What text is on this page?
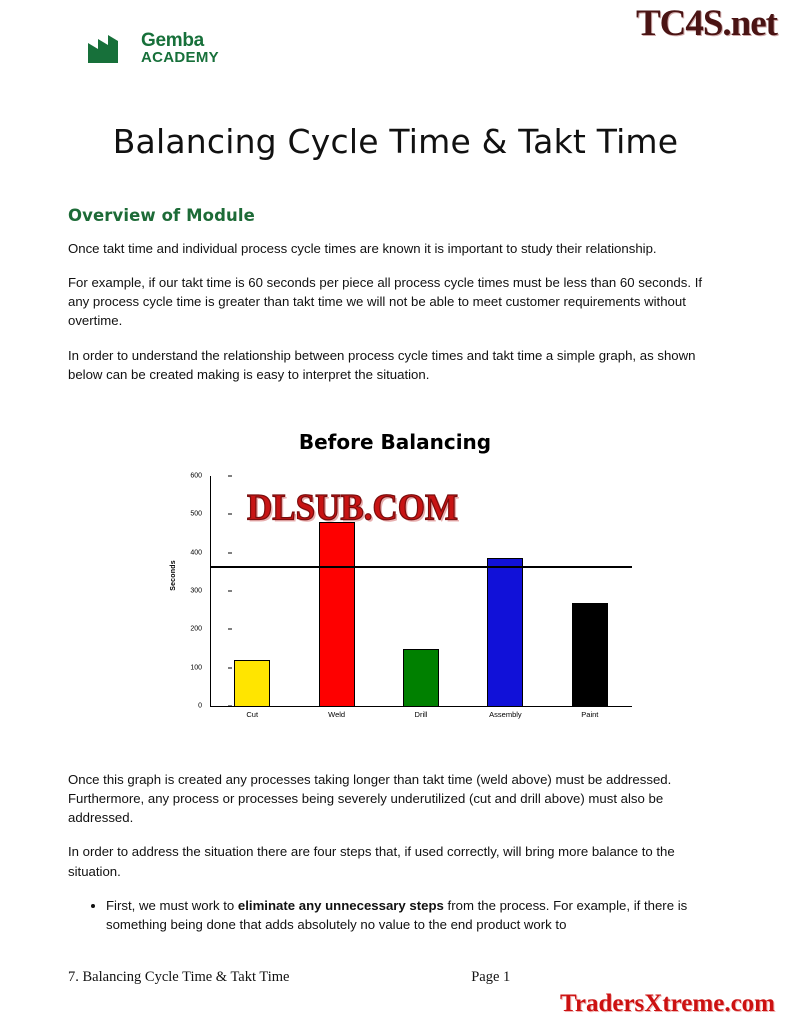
TC4S.net
Gemba
ACADEMY
Balancing Cycle Time & Takt Time
Overview of Module

Once takt time and individual process cycle times are known it is important to study their relationship.

For example, if our takt time is 60 seconds per piece all process cycle times must be less than 60 seconds. If any process cycle time is greater than takt time we will not be able to meet customer requirements without overtime.

In order to understand the relationship between process cycle times and takt time a simple graph, as shown below can be created making is easy to interpret the situation.

Before Balancing
Seconds
0
100
200
300
400
500
600
Cut	Weld	Drill	Assembly	Paint
DLSUB.COM

Once this graph is created any processes taking longer than takt time (weld above) must be addressed. Furthermore, any process or processes being severely underutilized (cut and drill above) must also be addressed.

In order to address the situation there are four steps that, if used correctly, will bring more balance to the situation.

• First, we must work to eliminate any unnecessary steps from the process. For example, if there is something being done that adds absolutely no value to the end product work to
7. Balancing Cycle Time & Takt Time	Page 1
TradersXtreme.com
